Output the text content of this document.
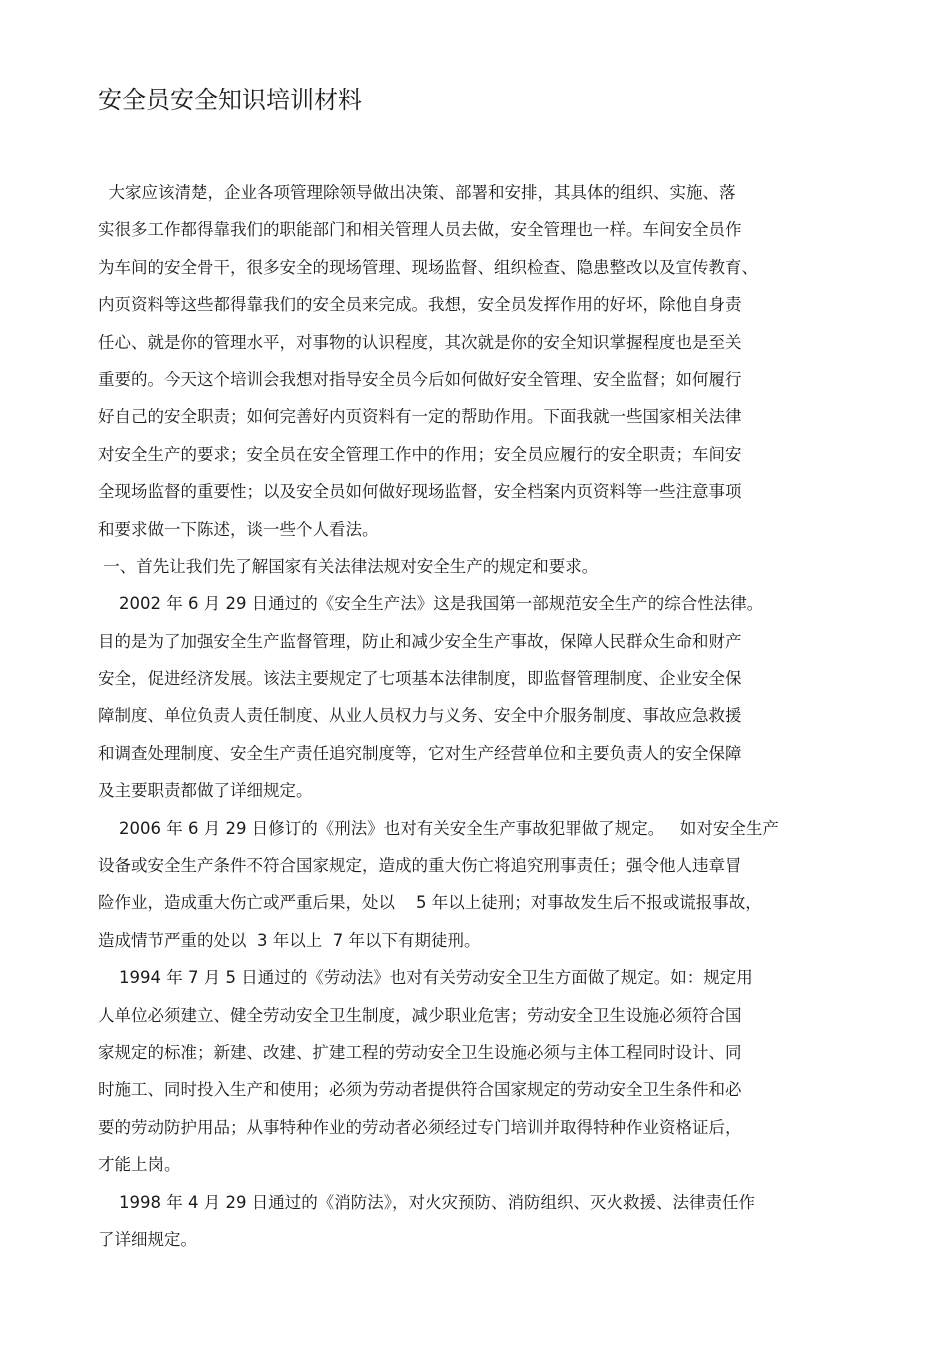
安全员安全知识培训材料
大家应该清楚，企业各项管理除领导做出决策、部署和安排，其具体的组织、实施、落
实很多工作都得靠我们的职能部门和相关管理人员去做，安全管理也一样。车间安全员作
为车间的安全骨干，很多安全的现场管理、现场监督、组织检查、隐患整改以及宣传教育、
内页资料等这些都得靠我们的安全员来完成。我想，安全员发挥作用的好坏，除他自身责
任心、就是你的管理水平，对事物的认识程度，其次就是你的安全知识掌握程度也是至关
重要的。今天这个培训会我想对指导安全员今后如何做好安全管理、安全监督；如何履行
好自己的安全职责；如何完善好内页资料有一定的帮助作用。下面我就一些国家相关法律
对安全生产的要求；安全员在安全管理工作中的作用；安全员应履行的安全职责；车间安
全现场监督的重要性；以及安全员如何做好现场监督，安全档案内页资料等一些注意事项
和要求做一下陈述，谈一些个人看法。
一、首先让我们先了解国家有关法律法规对安全生产的规定和要求。
2002 年 6 月 29 日通过的《安全生产法》这是我国第一部规范安全生产的综合性法律。
目的是为了加强安全生产监督管理，防止和减少安全生产事故，保障人民群众生命和财产
安全，促进经济发展。该法主要规定了七项基本法律制度，即监督管理制度、企业安全保
障制度、单位负责人责任制度、从业人员权力与义务、安全中介服务制度、事故应急救援
和调查处理制度、安全生产责任追究制度等，它对生产经营单位和主要负责人的安全保障
及主要职责都做了详细规定。
2006 年 6 月 29 日修订的《刑法》也对有关安全生产事故犯罪做了规定。   如对安全生产
设备或安全生产条件不符合国家规定，造成的重大伤亡将追究刑事责任；强令他人违章冒
险作业，造成重大伤亡或严重后果，处以    5 年以上徒刑；对事故发生后不报或谎报事故，
造成情节严重的处以  3 年以上  7 年以下有期徒刑。
1994 年 7 月 5 日通过的《劳动法》也对有关劳动安全卫生方面做了规定。如：规定用
人单位必须建立、健全劳动安全卫生制度，减少职业危害；劳动安全卫生设施必须符合国
家规定的标准；新建、改建、扩建工程的劳动安全卫生设施必须与主体工程同时设计、同
时施工、同时投入生产和使用；必须为劳动者提供符合国家规定的劳动安全卫生条件和必
要的劳动防护用品；从事特种作业的劳动者必须经过专门培训并取得特种作业资格证后，
才能上岗。
1998 年 4 月 29 日通过的《消防法》，对火灾预防、消防组织、灭火救援、法律责任作
了详细规定。
